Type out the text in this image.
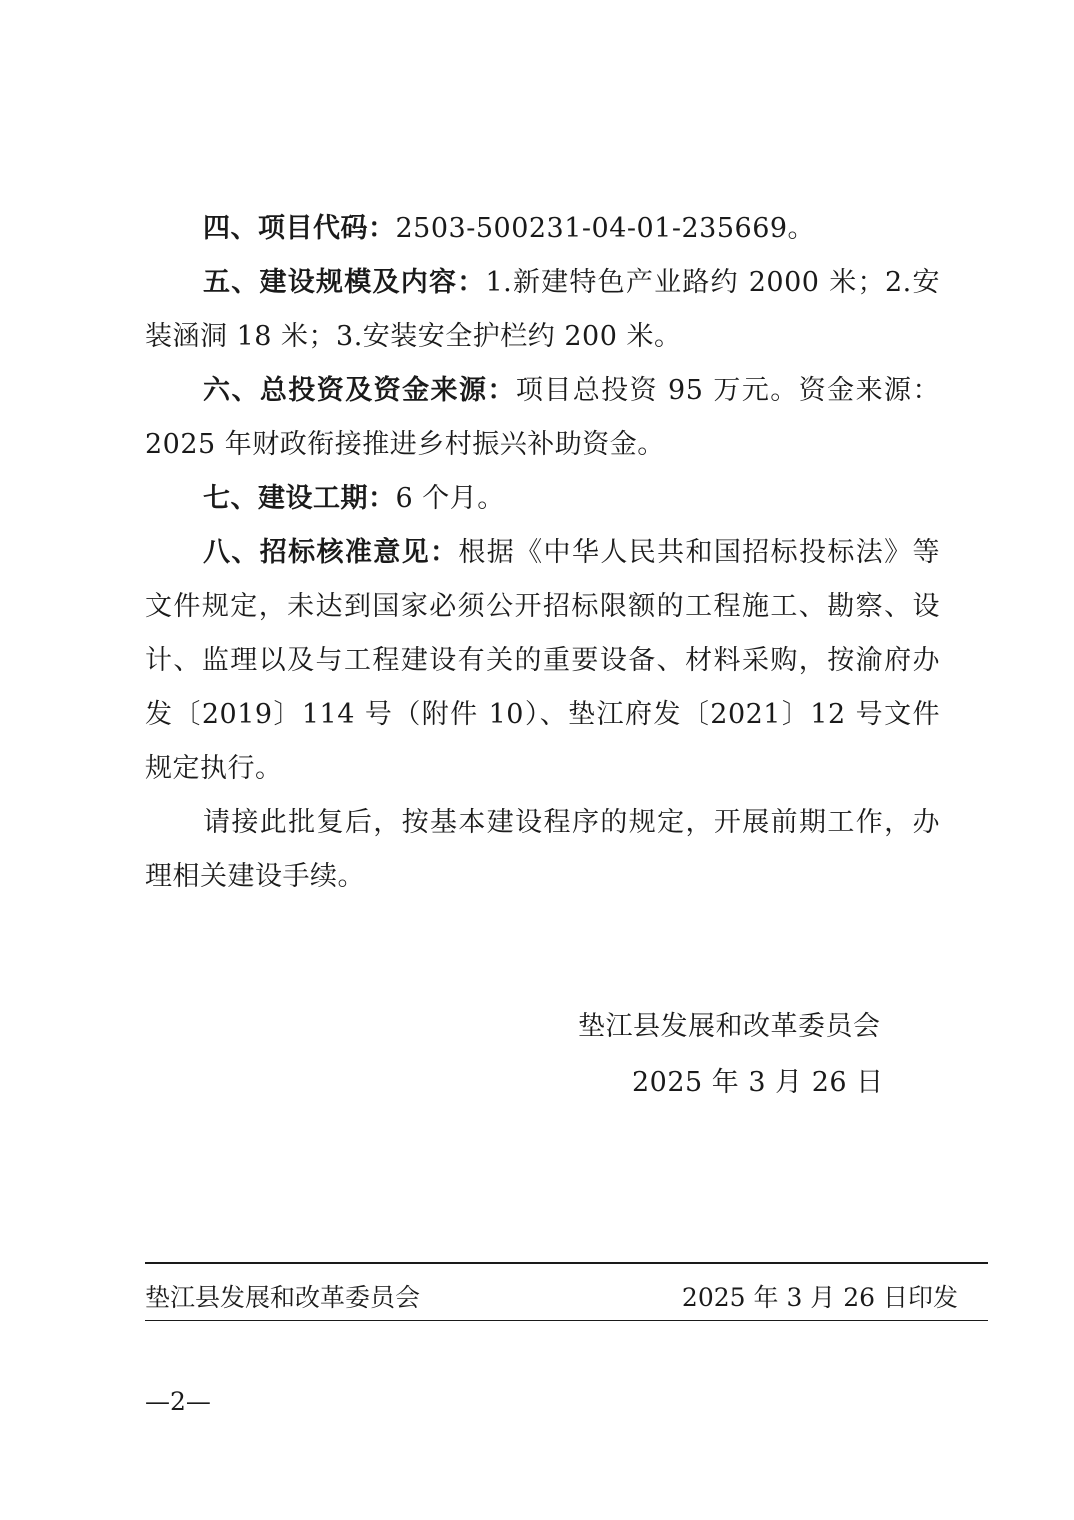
四、项目代码：2503-500231-04-01-235669。

五、建设规模及内容：1.新建特色产业路约 2000 米；2.安装涵洞 18 米；3.安装安全护栏约 200 米。

六、总投资及资金来源：项目总投资 95 万元。资金来源：2025 年财政衔接推进乡村振兴补助资金。

七、建设工期：6 个月。

八、招标核准意见：根据《中华人民共和国招标投标法》等文件规定，未达到国家必须公开招标限额的工程施工、勘察、设计、监理以及与工程建设有关的重要设备、材料采购，按渝府办发〔2019〕114 号（附件 10）、垫江府发〔2021〕12 号文件规定执行。

请接此批复后，按基本建设程序的规定，开展前期工作，办理相关建设手续。

垫江县发展和改革委员会
2025 年 3 月 26 日
垫江县发展和改革委员会	2025 年 3 月 26 日印发
—2—
